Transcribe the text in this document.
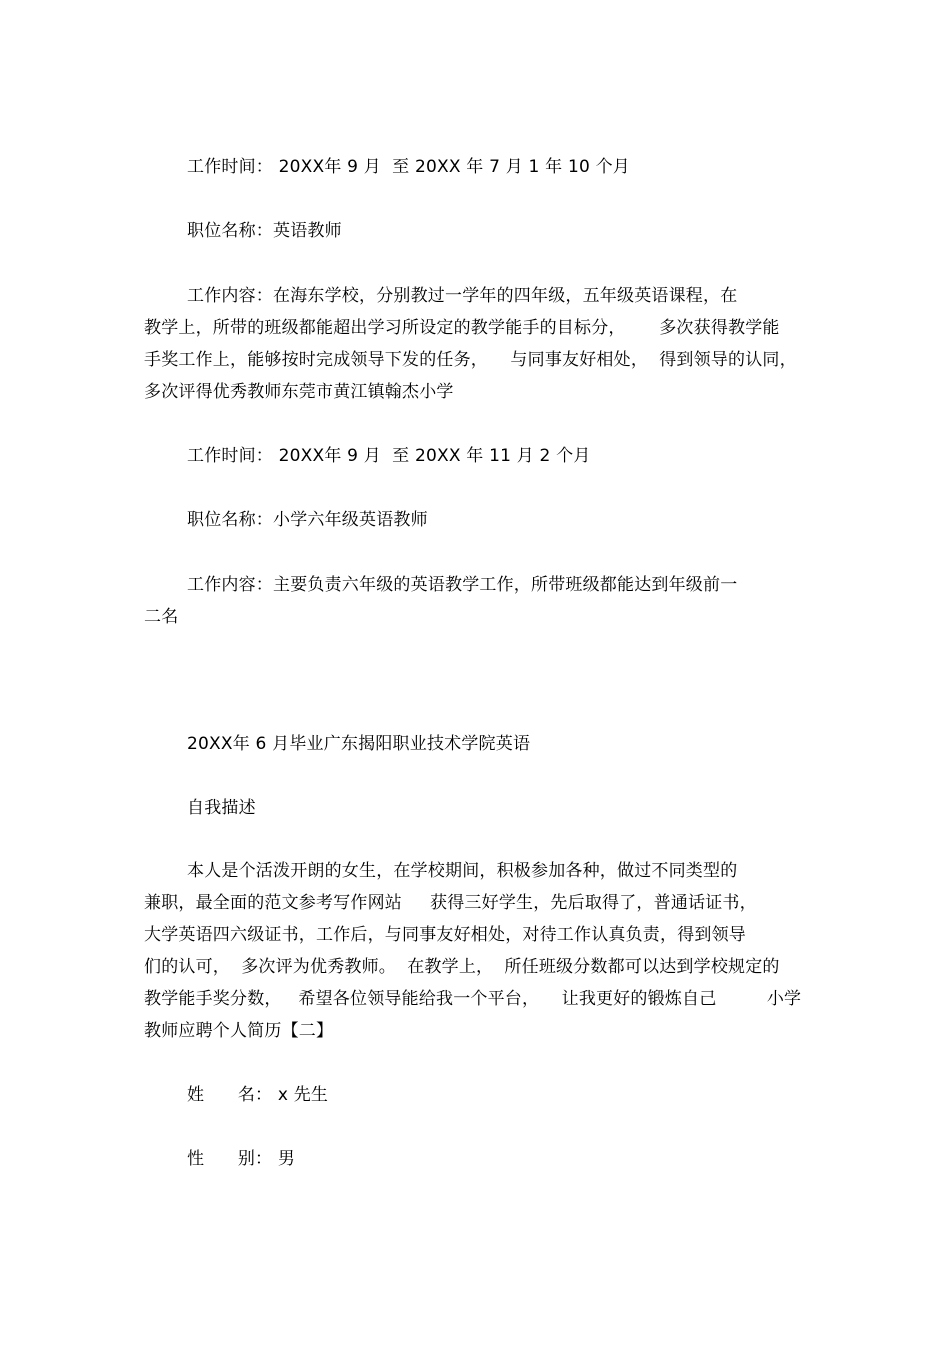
工作时间： 20XX年 9 月  至 20XX 年 7 月 1 年 10 个月
职位名称：英语教师
工作内容：在海东学校，分别教过一学年的四年级，五年级英语课程，在
教学上，所带的班级都能超出学习所设定的教学能手的目标分，      多次获得教学能
手奖工作上，能够按时完成领导下发的任务，    与同事友好相处，  得到领导的认同，
多次评得优秀教师东莞市黄江镇翰杰小学
工作时间： 20XX年 9 月  至 20XX 年 11 月 2 个月
职位名称：小学六年级英语教师
工作内容：主要负责六年级的英语教学工作，所带班级都能达到年级前一
二名
20XX年 6 月毕业广东揭阳职业技术学院英语
自我描述
本人是个活泼开朗的女生，在学校期间，积极参加各种，做过不同类型的
兼职，最全面的范文参考写作网站     获得三好学生，先后取得了，普通话证书，
大学英语四六级证书，工作后，与同事友好相处，对待工作认真负责，得到领导
们的认可，  多次评为优秀教师。  在教学上，  所任班级分数都可以达到学校规定的
教学能手奖分数，   希望各位领导能给我一个平台，    让我更好的锻炼自己         小学
教师应聘个人简历【二】
姓      名： x 先生
性      别： 男
